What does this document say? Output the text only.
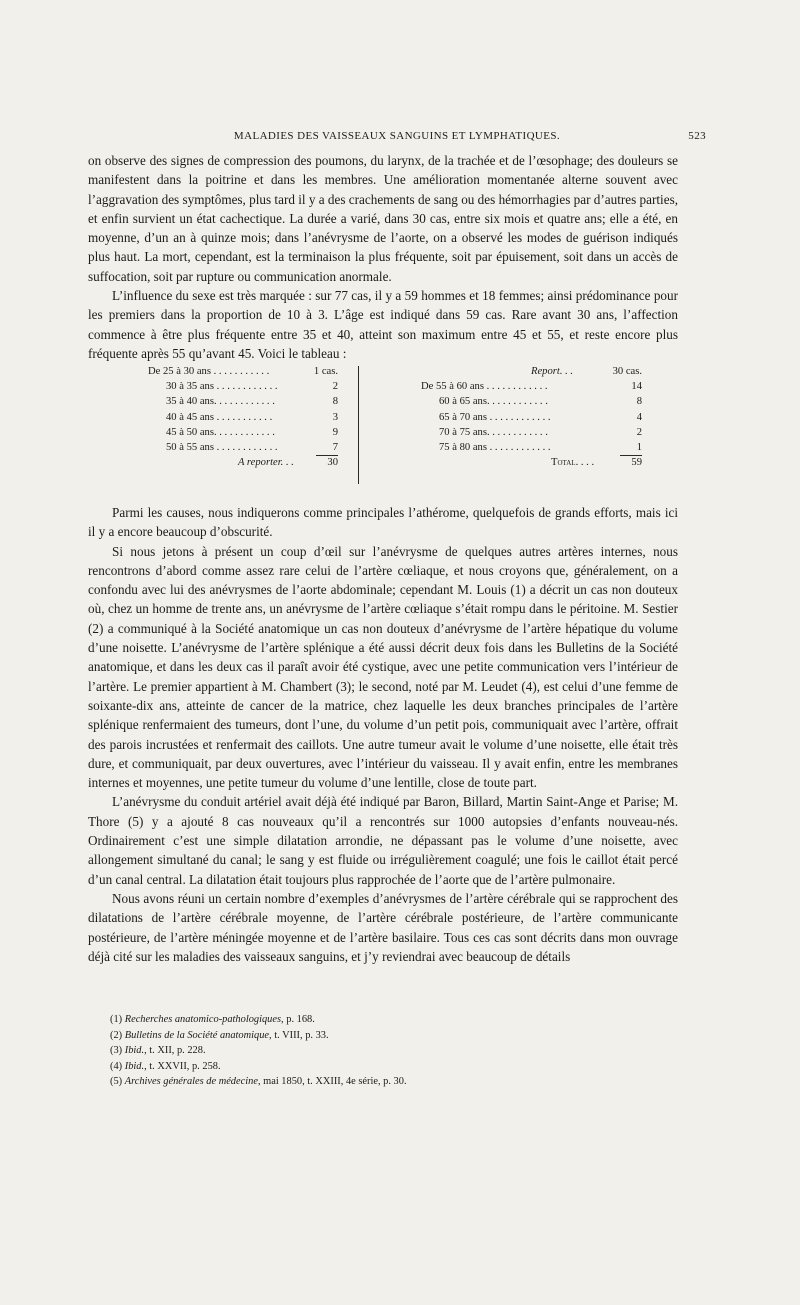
MALADIES DES VAISSEAUX SANGUINS ET LYMPHATIQUES.	523

on observe des signes de compression des poumons, du larynx, de la trachée et de l’œsophage; des douleurs se manifestent dans la poitrine et dans les membres. Une amélioration momentanée alterne souvent avec l’aggravation des symptômes, plus tard il y a des crachements de sang ou des hémorrhagies par d’autres parties, et enfin survient un état cachectique. La durée a varié, dans 30 cas, entre six mois et quatre ans; elle a été, en moyenne, d’un an à quinze mois; dans l’anévrysme de l’aorte, on a observé les modes de guérison indiqués plus haut. La mort, cependant, est la terminaison la plus fréquente, soit par épuisement, soit dans un accès de suffocation, soit par rupture ou communication anormale.

L’influence du sexe est très marquée : sur 77 cas, il y a 59 hommes et 18 femmes; ainsi prédominance pour les premiers dans la proportion de 10 à 3. L’âge est indiqué dans 59 cas. Rare avant 30 ans, l’affection commence à être plus fréquente entre 35 et 40, atteint son maximum entre 45 et 55, et reste encore plus fréquente après 55 qu’avant 45. Voici le tableau :

De 25 à 30 ans . . . . . . . . . . .	1 cas.
30 à 35 ans . . . . . . . . . . . .	2
35 à 40 ans. . . . . . . . . . . .	8
40 à 45 ans . . . . . . . . . . .	3
45 à 50 ans. . . . . . . . . . . .	9
50 à 55 ans . . . . . . . . . . . .	7
A reporter. . .	30
Report. . .	30 cas.
De 55 à 60 ans . . . . . . . . . . . .	14
60 à 65 ans. . . . . . . . . . . .	8
65 à 70 ans . . . . . . . . . . . .	4
70 à 75 ans. . . . . . . . . . . .	2
75 à 80 ans . . . . . . . . . . . .	1
Total. . . .	59

Parmi les causes, nous indiquerons comme principales l’athérome, quelquefois de grands efforts, mais ici il y a encore beaucoup d’obscurité.

Si nous jetons à présent un coup d’œil sur l’anévrysme de quelques autres artères internes, nous rencontrons d’abord comme assez rare celui de l’artère cœliaque, et nous croyons que, généralement, on a confondu avec lui des anévrysmes de l’aorte abdominale; cependant M. Louis (1) a décrit un cas non douteux où, chez un homme de trente ans, un anévrysme de l’artère cœliaque s’était rompu dans le péritoine. M. Sestier (2) a communiqué à la Société anatomique un cas non douteux d’anévrysme de l’artère hépatique du volume d’une noisette. L’anévrysme de l’artère splénique a été aussi décrit deux fois dans les Bulletins de la Société anatomique, et dans les deux cas il paraît avoir été cystique, avec une petite communication vers l’intérieur de l’artère. Le premier appartient à M. Chambert (3); le second, noté par M. Leudet (4), est celui d’une femme de soixante-dix ans, atteinte de cancer de la matrice, chez laquelle les deux branches principales de l’artère splénique renfermaient des tumeurs, dont l’une, du volume d’un petit pois, communiquait avec l’artère, offrait des parois incrustées et renfermait des caillots. Une autre tumeur avait le volume d’une noisette, elle était très dure, et communiquait, par deux ouvertures, avec l’intérieur du vaisseau. Il y avait enfin, entre les membranes internes et moyennes, une petite tumeur du volume d’une lentille, close de toute part.

L’anévrysme du conduit artériel avait déjà été indiqué par Baron, Billard, Martin Saint-Ange et Parise; M. Thore (5) y a ajouté 8 cas nouveaux qu’il a rencontrés sur 1000 autopsies d’enfants nouveau-nés. Ordinairement c’est une simple dilatation arrondie, ne dépassant pas le volume d’une noisette, avec allongement simultané du canal; le sang y est fluide ou irrégulièrement coagulé; une fois le caillot était percé d’un canal central. La dilatation était toujours plus rapprochée de l’aorte que de l’artère pulmonaire.

Nous avons réuni un certain nombre d’exemples d’anévrysmes de l’artère cérébrale qui se rapprochent des dilatations de l’artère cérébrale moyenne, de l’artère cérébrale postérieure, de l’artère communicante postérieure, de l’artère méningée moyenne et de l’artère basilaire. Tous ces cas sont décrits dans mon ouvrage déjà cité sur les maladies des vaisseaux sanguins, et j’y reviendrai avec beaucoup de détails

(1) Recherches anatomico-pathologiques, p. 168.
(2) Bulletins de la Société anatomique, t. VIII, p. 33.
(3) Ibid., t. XII, p. 228.
(4) Ibid., t. XXVII, p. 258.
(5) Archives générales de médecine, mai 1850, t. XXIII, 4e série, p. 30.
